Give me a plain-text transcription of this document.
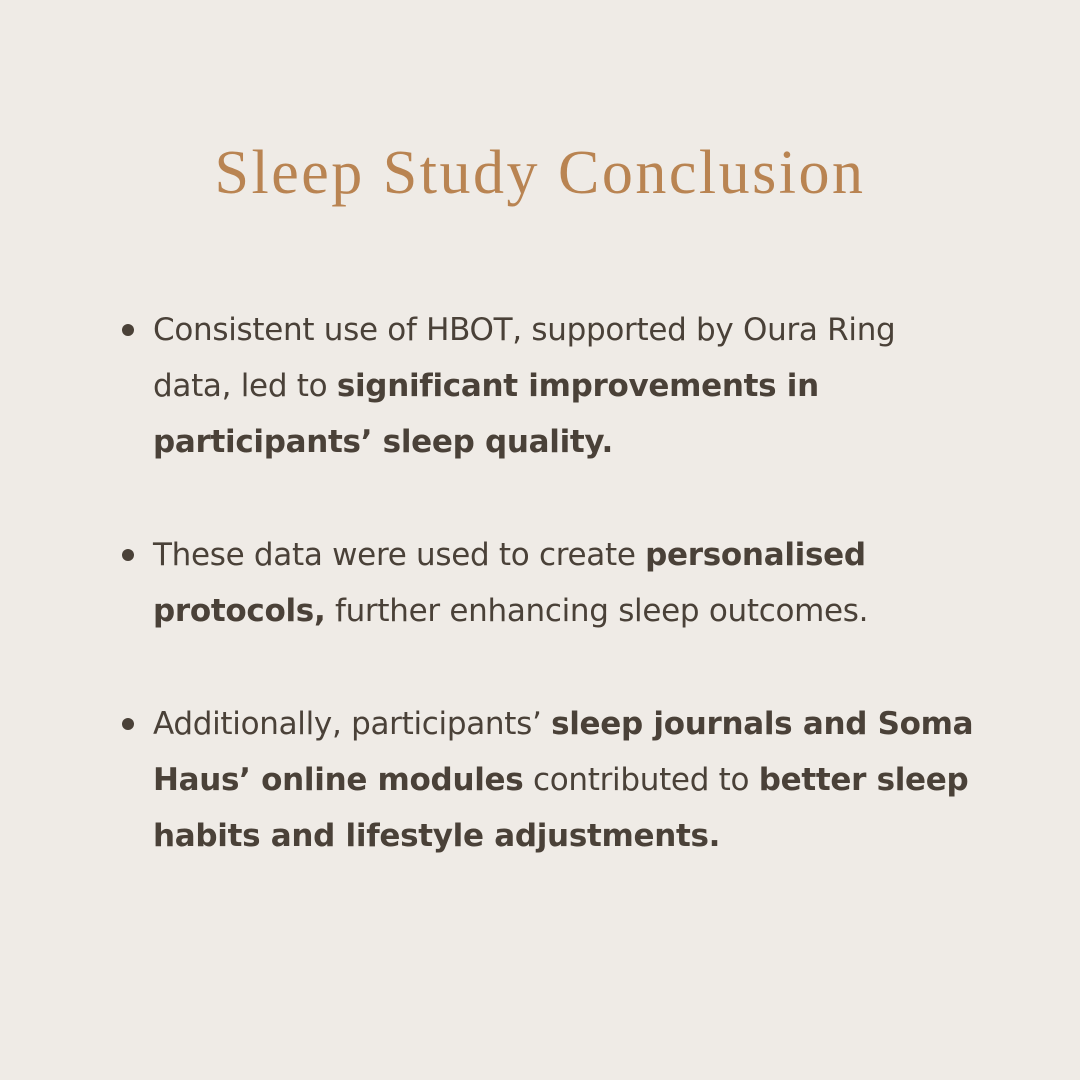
Sleep Study Conclusion
Consistent use of HBOT, supported by Oura Ring data, led to significant improvements in participants’ sleep quality.
These data were used to create personalised protocols, further enhancing sleep outcomes.
Additionally, participants’ sleep journals and Soma Haus’ online modules contributed to better sleep habits and lifestyle adjustments.
